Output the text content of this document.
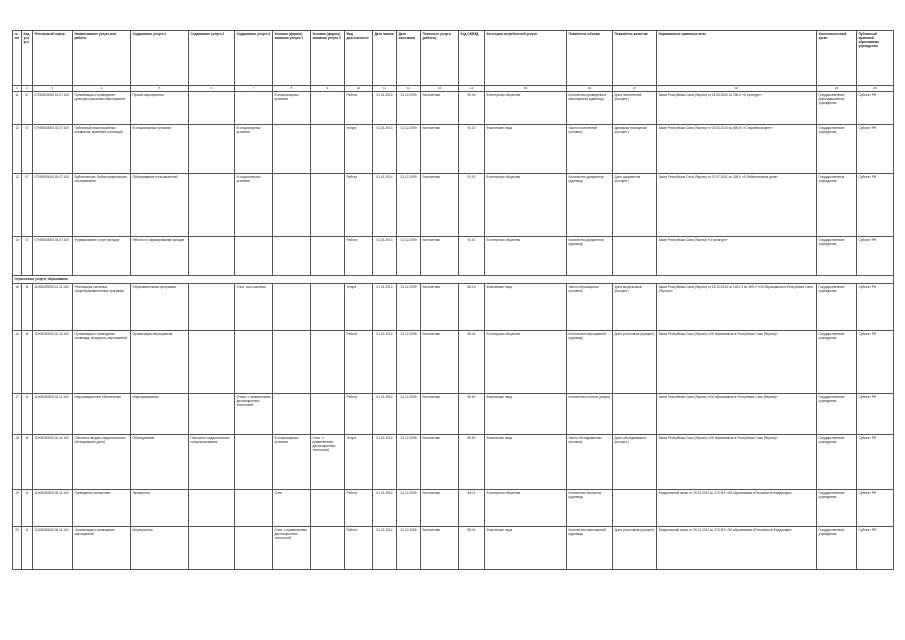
№ п/п	Код услуги	Реестровый номер	Наименование услуги или работы	Содержание услуги 1	Содержание услуги 2	Содержание услуги 3	Условия (формы) оказания услуги 1	Условия (формы) оказания услуги 2	Вид деятельности	Дата начала	Дата окончания	Платность услуги (работы)	Код ОКВЭД	Категории потребителей услуги	Показатель объема	Показатель качества	Нормативные правовые акты	Уполномоченный орган	Публичный правовой образования учреждения
1	2	3	4	5	6	7	8	9	10	11	12	13	14	15	16	17	18	19	20
11	07	07000000000.01.07.100	Организация и проведение культурно-массовых мероприятий	Прочие мероприятия			В стационарных условиях		Работа	01.01.2014	31.12.2099	Бесплатная	90.04	В интересах общества	Количество проведенных мероприятий (единица)	Доля посетителей (процент)	Закон Республики Саха (Якутия) от 15.06.2000 № 230-II «О культуре»	Государственные (муниципальные) учреждения	Субъект РФ
12	07	07000000000.02.07.100	Публичный показ музейных предметов, музейных коллекций	В стационарных условиях		В стационарных условиях			Услуга	01.01.2014	31.12.2099	Бесплатная	91.02	Физические лица	Число посетителей (человек)	Динамика посещений (процент)	Закон Республики Саха (Якутия) от 23.03.2010 № 800-IV «О музейном деле»	Государственные учреждения	Субъект РФ
13	07	07000000000.03.07.100	Библиотечное, библиографическое обслуживание	Обслуживание пользователей		В стационарных условиях			Работа	01.01.2014	31.12.2099	Бесплатная	91.01	В интересах общества	Количество документов (единица)	Доля документов (процент)	Закон Республики Саха (Якутия) от 07.07.2001 № 326-II «О библиотечном деле»	Государственные учреждения	Субъект РФ
14	07	07000000000.04.07.100	Формирование и учет фондов	Работы по формированию фондов					Работа	01.01.2014	31.12.2099	Бесплатная	91.01	В интересах общества	Количество документов (единица)		Закон Республики Саха (Якутия) «О культуре»	Государственные учреждения	Субъект РФ
Отраслевые услуги: образование																			
15	11	11000000000.01.11.100	Реализация основных общеобразовательных программ	Образовательная программа		Очно, очно-заочная			Услуга	01.01.2014	31.12.2099	Бесплатная	85.14	Физические лица	Число обучающихся (человек)	Доля выпускников (процент)	Закон Республики Саха (Якутия) от 15.12.2014 № 1401-З № 359-V «Об образовании в Республике Саха (Якутия)»	Государственные учреждения	Субъект РФ
16	11	11000000000.02.11.100	Организация и проведение олимпиад, конкурсов, мероприятий	Организация мероприятий					Работа	01.01.2014	31.12.2099	Бесплатная	85.41	В интересах общества	Количество мероприятий (единица)	Доля участников (процент)	Закон Республики Саха (Якутия) «Об образовании в Республике Саха (Якутия)»	Государственные учреждения	Субъект РФ
17	11	11000000000.03.11.100	Информационное обеспечение	Информирование		Очная, с применением дистанционных технологий			Работа	01.01.2014	31.12.2099	Бесплатная	85.60	Физические лица	Количество отчетов (штука)		Закон Республики Саха (Якутия) «Об образовании в Республике Саха (Якутия)»	Государственные учреждения	Субъект РФ
18	11	11000000000.04.11.100	Психолого-медико-педагогическое обследование детей	Обследование	Психолого-педагогическое консультирование		В стационарных условиях	Очно, с применением дистанционных технологий	Услуга	01.01.2014	31.12.2099	Бесплатная	85.60	Физические лица	Число обследованных (человек)	Доля обследованных (процент)	Закон Республики Саха (Якутия) «Об образовании в Республике Саха (Якутия)»	Государственные учреждения	Субъект РФ
19	11	11000000000.05.11.100	Проведение экспертизы	Экспертиза			Очно		Работа	01.01.2014	31.12.2099	Бесплатная	84.11	В интересах общества	Количество экспертиз (единица)		Федеральный закон от 29.12.2012 № 273-ФЗ «Об образовании в Российской Федерации»	Государственные учреждения	Субъект РФ
20	11	11000000000.06.11.100	Организация и проведение мероприятий	Мероприятия			Очно, с применением дистанционных технологий		Работа	01.01.2014	31.12.2099	Бесплатная	85.41	Физические лица	Количество мероприятий (единица)	Доля участников (процент)	Федеральный закон от 29.12.2012 № 273-ФЗ «Об образовании в Российской Федерации»	Государственные учреждения	Субъект РФ
